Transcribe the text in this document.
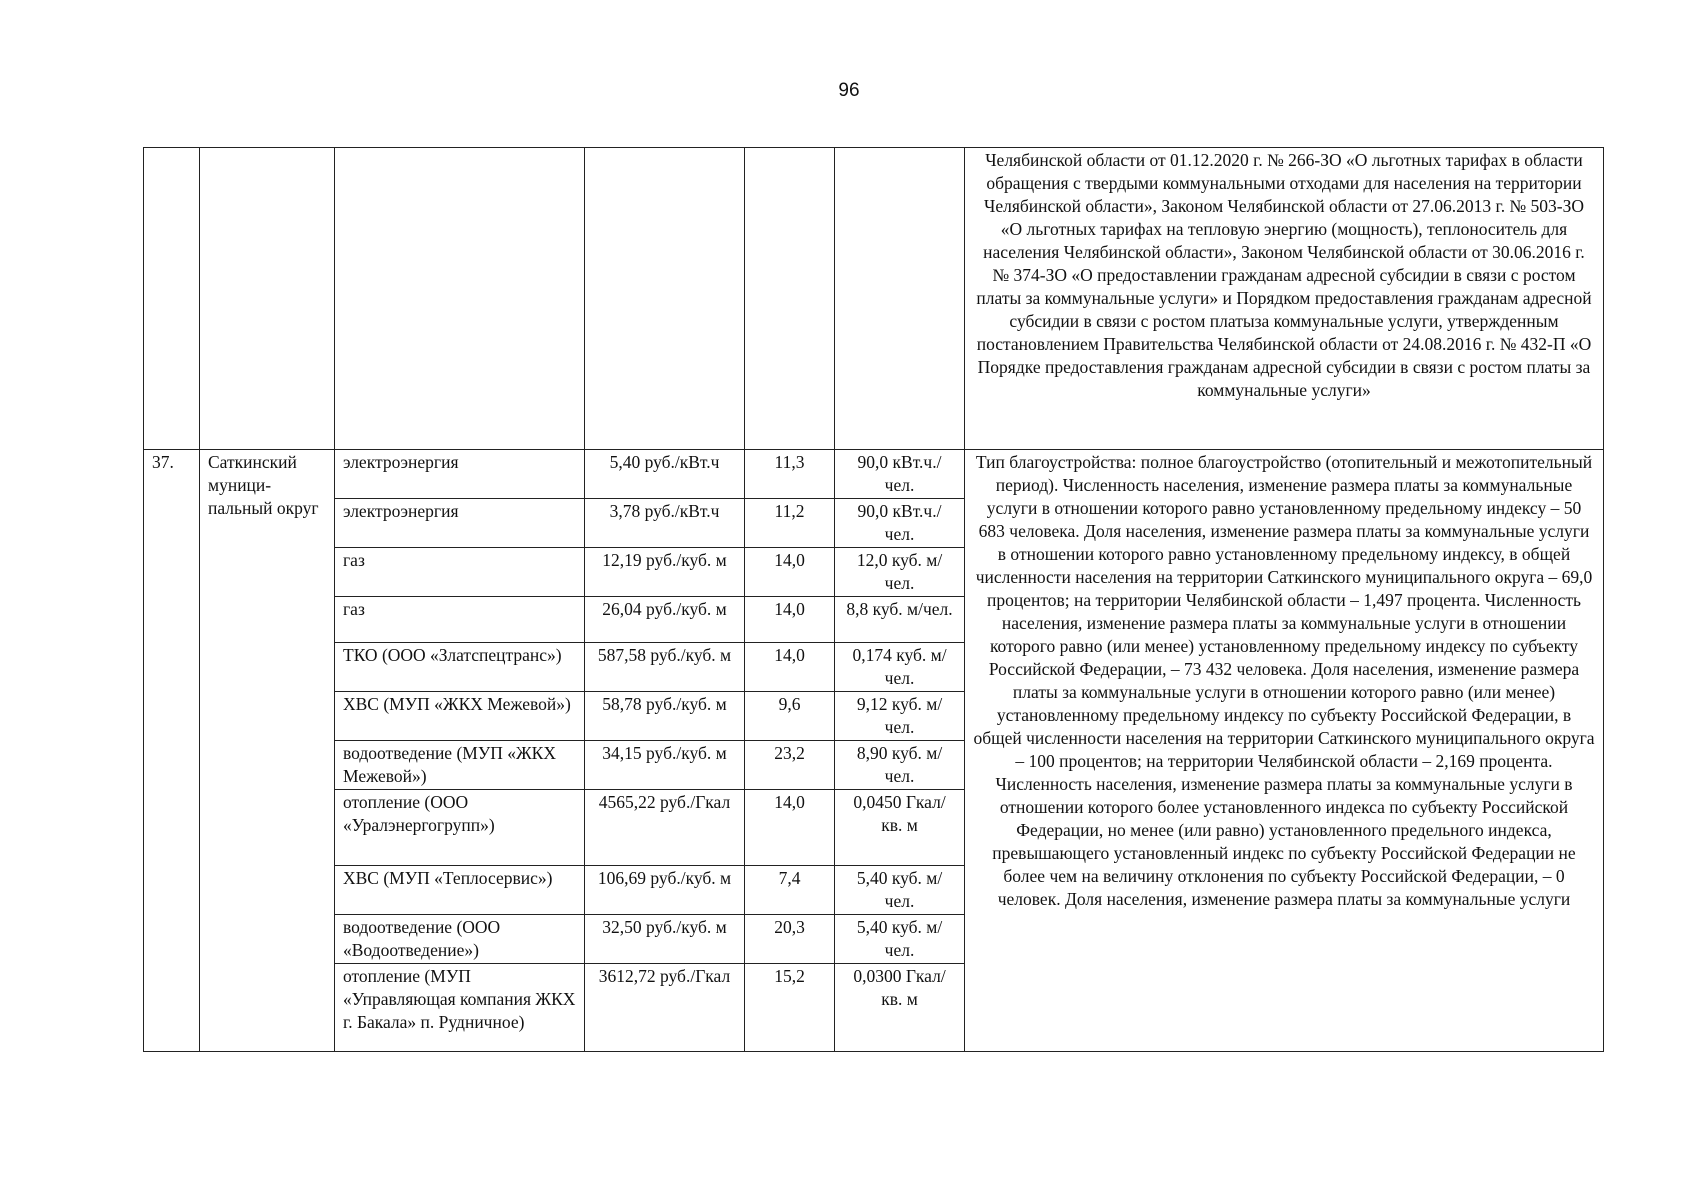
96
						Челябинской области от 01.12.2020 г. № 266-ЗО «О льготных тарифах в области обращения с твердыми коммунальными отходами для населения на территории Челябинской области», Законом Челябинской области от 27.06.2013 г. № 503-ЗО «О льготных тарифах на тепловую энергию (мощность), теплоноситель для населения Челябинской области», Законом Челябинской области от 30.06.2016 г. № 374-ЗО «О предоставлении гражданам адресной субсидии в связи с ростом платы за коммунальные услуги» и Порядком предоставления гражданам адресной субсидии в связи с ростом платыза коммунальные услуги, утвержденным постановлением Правительства Челябинской области от 24.08.2016 г. № 432-П «О Порядке предоставления гражданам адресной субсидии в связи с ростом платы за коммунальные услуги»
37.	Саткинский муници-пальный округ	электроэнергия	5,40 руб./кВт.ч	11,3	90,0 кВт.ч./чел.	Тип благоустройства: полное благоустройство (отопительный и межотопительный период). Численность населения, изменение размера платы за коммунальные услуги в отношении которого равно установленному предельному индексу – 50 683 человека. Доля населения, изменение размера платы за коммунальные услуги в отношении которого равно установленному предельному индексу, в общей численности населения на территории Саткинского муниципального округа – 69,0 процентов; на территории Челябинской области – 1,497 процента. Численность населения, изменение размера платы за коммунальные услуги в отношении которого равно (или менее) установленному предельному индексу по субъекту Российской Федерации, – 73 432 человека. Доля населения, изменение размера платы за коммунальные услуги в отношении которого равно (или менее) установленному предельному индексу по субъекту Российской Федерации, в общей численности населения на территории Саткинского муниципального округа – 100 процентов; на территории Челябинской области – 2,169 процента. Численность населения, изменение размера платы за коммунальные услуги в отношении которого более установленного индекса по субъекту Российской Федерации, но менее (или равно) установленного предельного индекса, превышающего установленный индекс по субъекту Российской Федерации не более чем на величину отклонения по субъекту Российской Федерации, – 0 человек. Доля населения, изменение размера платы за коммунальные услуги
		электроэнергия	3,78 руб./кВт.ч	11,2	90,0 кВт.ч./чел.	
		газ	12,19 руб./куб. м	14,0	12,0 куб. м/чел.	
		газ	26,04 руб./куб. м	14,0	8,8 куб. м/чел.	
		ТКО (ООО «Златспецтранс»)	587,58 руб./куб. м	14,0	0,174 куб. м/чел.	
		ХВС (МУП «ЖКХ Межевой»)	58,78 руб./куб. м	9,6	9,12 куб. м/чел.	
		водоотведение (МУП «ЖКХ Межевой»)	34,15 руб./куб. м	23,2	8,90 куб. м/чел.	
		отопление (ООО «Уралэнергогрупп»)	4565,22 руб./Гкал	14,0	0,0450 Гкал/кв. м	
		ХВС (МУП «Теплосервис»)	106,69 руб./куб. м	7,4	5,40 куб. м/чел.	
		водоотведение (ООО «Водоотведение»)	32,50 руб./куб. м	20,3	5,40 куб. м/чел.	
		отопление (МУП «Управляющая компания ЖКХ г. Бакала» п. Рудничное)	3612,72 руб./Гкал	15,2	0,0300 Гкал/кв. м	
